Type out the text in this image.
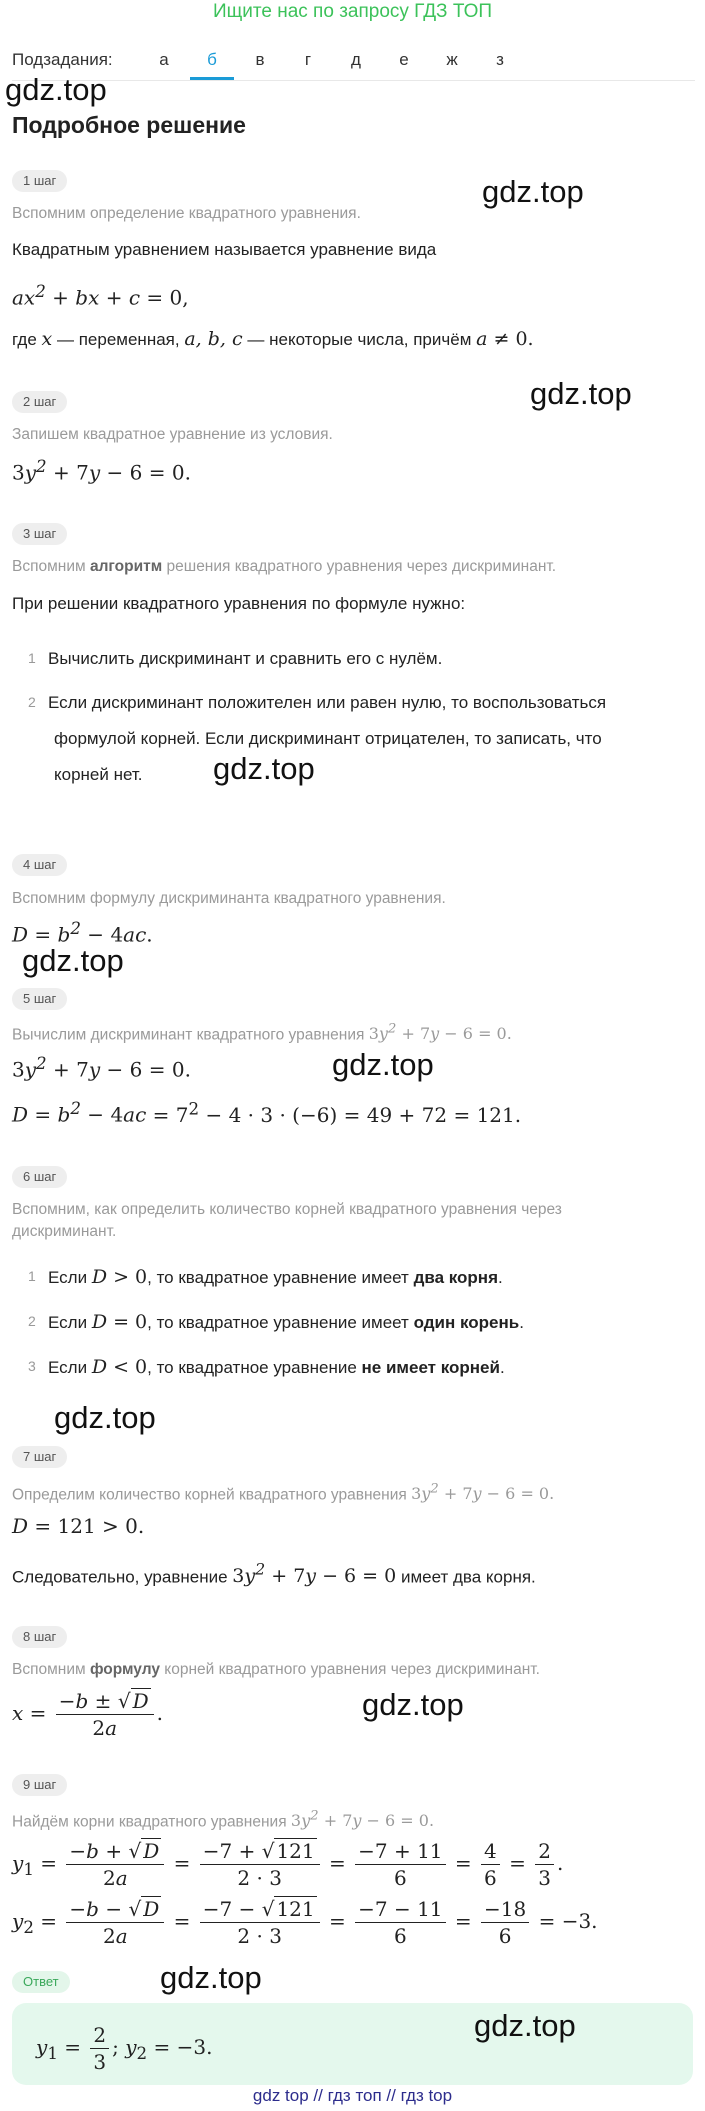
Ищите нас по запросу ГДЗ ТОП
Подзадания:	а	б	в	г	д	е	ж	з
gdz.top
gdz.top
gdz.top
gdz.top
gdz.top
gdz.top
gdz.top
gdz.top
gdz.top
gdz.top
Подробное решение
1 шаг
Вспомним определение квадратного уравнения.
Квадратным уравнением называется уравнение вида
$ax^2$ + bx + c = 0,
где x — переменная, a, b, c — некоторые числа, причём a ≠ 0.
2 шаг
Запишем квадратное уравнение из условия.
$3y^2 + 7y - 6 = 0$.
3 шаг
Вспомним алгоритм решения квадратного уравнения через дискриминант.
При решении квадратного уравнения по формуле нужно:
1 Вычислить дискриминант и сравнить его с нулём.
2 Если дискриминант положителен или равен нулю, то воспользоваться
формулой корней. Если дискриминант отрицателен, то записать, что
корней нет.
4 шаг
Вспомним формулу дискриминанта квадратного уравнения.
$D = b^2 - 4ac$.
5 шаг
Вычислим дискриминант квадратного уравнения $3y^2 + 7y - 6 = 0$.
$3y^2 + 7y - 6 = 0$.
$D = b^2 - 4ac = 7^2 - 4 \cdot 3 \cdot (-6) = 49 + 72 = 121$.
6 шаг
Вспомним, как определить количество корней квадратного уравнения через
дискриминант.
1 Если D > 0, то квадратное уравнение имеет два корня.
2 Если D = 0, то квадратное уравнение имеет один корень.
3 Если D < 0, то квадратное уравнение не имеет корней.
7 шаг
Определим количество корней квадратного уравнения $3y^2 + 7y - 6 = 0$.
D = 121 > 0.
Следовательно, уравнение $3y^2 + 7y - 6 = 0$ имеет два корня.
8 шаг
Вспомним формулу корней квадратного уравнения через дискриминант.
$x = \frac{-b \pm √ D}{2a}$ .
9 шаг
Найдём корни квадратного уравнения $3y^2 + 7y - 6 = 0$.
$y_1 = \frac{-b + √ D}{2a} = \frac{-7 + √ 121}{2 \cdot 3} = \frac{-7 + 11}{6} = \frac{4}{6} = \frac{2}{3}$ .
$y_2 = \frac{-b - √ D}{2a} = \frac{-7 - √ 121}{2 \cdot 3} = \frac{-7 - 11}{6} = \frac{-18}{6} = -3$.
Ответ
$y_1 = \frac{2}{3}$ ; $y_2 = -3$.
gdz top // гдз топ // гдз top
